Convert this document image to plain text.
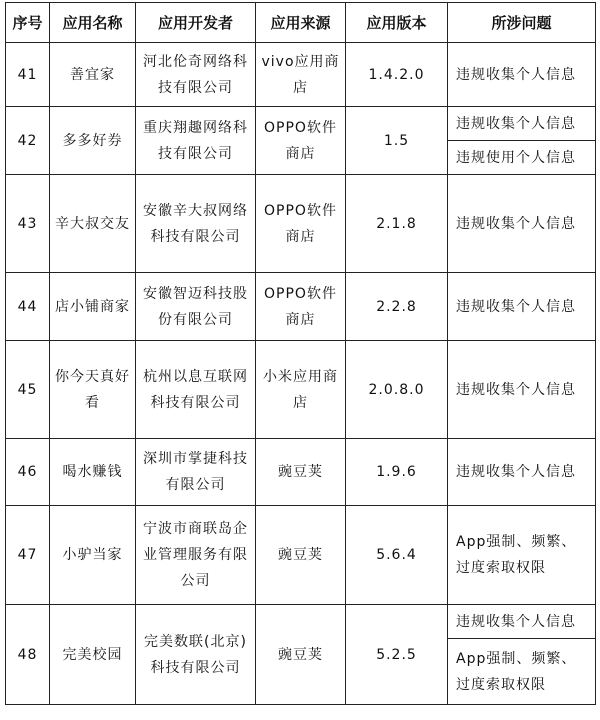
序号	应用名称	应用开发者	应用来源	应用版本	所涉问题
41	善宜家	河北伦奇网络科技有限公司	vivo应用商店	1.4.2.0	违规收集个人信息
42	多多好券	重庆翔趣网络科技有限公司	OPPO软件商店	1.5	违规收集个人信息
					违规使用个人信息
43	辛大叔交友	安徽辛大叔网络科技有限公司	OPPO软件商店	2.1.8	违规收集个人信息
44	店小铺商家	安徽智迈科技股份有限公司	OPPO软件商店	2.2.8	违规收集个人信息
45	你今天真好看	杭州以息互联网科技有限公司	小米应用商店	2.0.8.0	违规收集个人信息
46	喝水赚钱	深圳市掌捷科技有限公司	豌豆荚	1.9.6	违规收集个人信息
47	小驴当家	宁波市商联岛企业管理服务有限公司	豌豆荚	5.6.4	App强制、频繁、过度索取权限
48	完美校园	完美数联(北京)科技有限公司	豌豆荚	5.2.5	违规收集个人信息
					App强制、频繁、过度索取权限
